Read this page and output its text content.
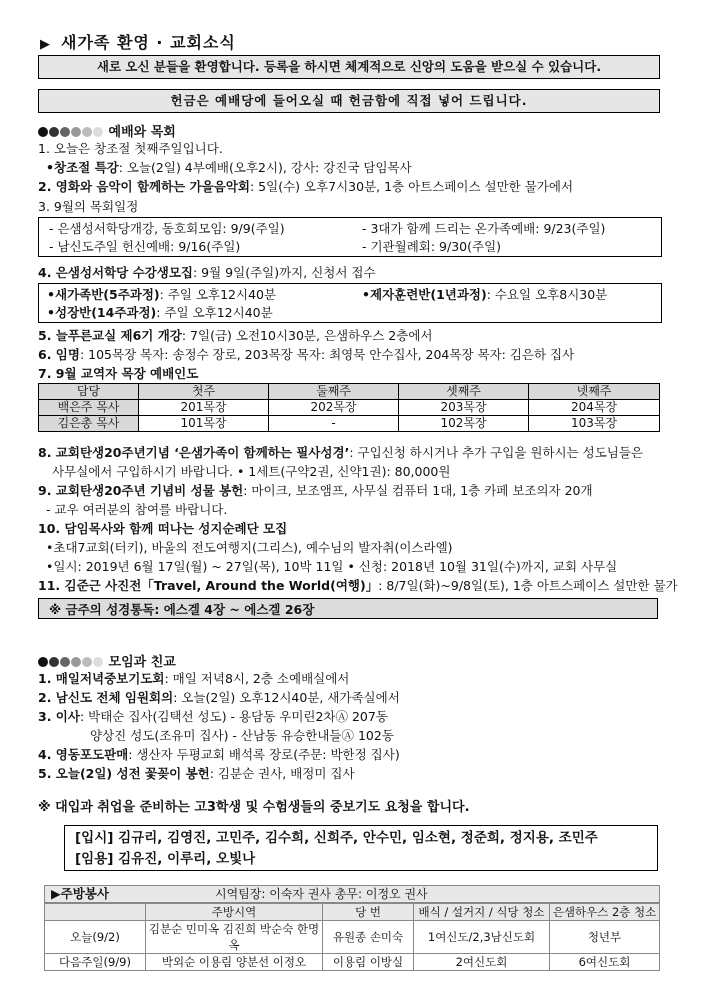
▶ 새가족 환영 · 교회소식
새로 오신 분들을 환영합니다. 등록을 하시면 체계적으로 신앙의 도움을 받으실 수 있습니다.
헌금은 예배당에 들어오실 때 헌금함에 직접 넣어 드립니다.
예배와 목회
1. 오늘은 창조절 첫째주일입니다.
•창조절 특강: 오늘(2일) 4부예배(오후2시), 강사: 강진국 담임목사
2. 영화와 음악이 함께하는 가을음악회: 5일(수) 오후7시30분, 1층 아트스페이스 설만한 물가에서
3. 9월의 목회일정
- 은샘성서학당개강, 동호회모임: 9/9(주일)	- 3대가 함께 드리는 온가족예배: 9/23(주일)
- 남신도주일 헌신예배: 9/16(주일)	- 기관월례회: 9/30(주일)
4. 은샘성서학당 수강생모집: 9월 9일(주일)까지, 신청서 접수
•새가족반(5주과정): 주일 오후12시40분	•제자훈련반(1년과정): 수요일 오후8시30분
•성장반(14주과정): 주일 오후12시40분
5. 늘푸른교실 제6기 개강: 7일(금) 오전10시30분, 은샘하우스 2층에서
6. 임명: 105목장 목자: 송정수 장로, 203목장 목자: 최영묵 안수집사, 204목장 목자: 김은하 집사
7. 9월 교역자 목장 예배인도
담당	첫주	둘째주	셋째주	넷째주
백은주 목사	201목장	202목장	203목장	204목장
김은총 목사	101목장	-	102목장	103목장
8. 교회탄생20주년기념 ‘은샘가족이 함께하는 필사성경’: 구입신청 하시거나 추가 구입을 원하시는 성도님들은
사무실에서 구입하시기 바랍니다. • 1세트(구약2권, 신약1권): 80,000원
9. 교회탄생20주년 기념비 성물 봉헌: 마이크, 보조앰프, 사무실 컴퓨터 1대, 1층 카페 보조의자 20개
- 교우 여러분의 참여를 바랍니다.
10. 담임목사와 함께 떠나는 성지순례단 모집
•초대7교회(터키), 바울의 전도여행지(그리스), 예수님의 발자취(이스라엘)
•일시: 2019년 6월 17일(월) ~ 27일(목), 10박 11일 • 신청: 2018년 10월 31일(수)까지, 교회 사무실
11. 김준근 사진전「Travel, Around the World(여행)」: 8/7일(화)~9/8일(토), 1층 아트스페이스 설만한 물가
※ 금주의 성경통독: 에스겔 4장 ~ 에스겔 26장
모임과 친교
1. 매일저녁중보기도회: 매일 저녁8시, 2층 소예배실에서
2. 남신도 전체 임원회의: 오늘(2일) 오후12시40분, 새가족실에서
3. 이사: 박태순 집사(김택선 성도) - 용담동 우미린2차Ⓐ 207동
양상진 성도(조유미 집사) - 산남동 유승한내들Ⓐ 102동
4. 영동포도판매: 생산자 두평교회 배석록 장로(주문: 박한정 집사)
5. 오늘(2일) 성전 꽃꽂이 봉헌: 김분순 권사, 배정미 집사
※ 대입과 취업을 준비하는 고3학생 및 수험생들의 중보기도 요청을 합니다.
[입시] 김규리, 김영진, 고민주, 김수희, 신희주, 안수민, 임소현, 정준희, 정지용, 조민주
[임용] 김유진, 이루리, 오빛나
▶주방봉사	시역팀장: 이숙자 권사 총무: 이정오 권사
	주방시역	당 번	배식 / 설거지 / 식당 청소	은샘하우스 2층 청소
오늘(9/2)	김분순 민미옥 김진희 박순숙 한명옥	유원종 손미숙	1여신도/2,3남신도회	청년부
다음주일(9/9)	박외순 이용림 양분선 이정오	이용림 이방실	2여신도회	6여신도회
